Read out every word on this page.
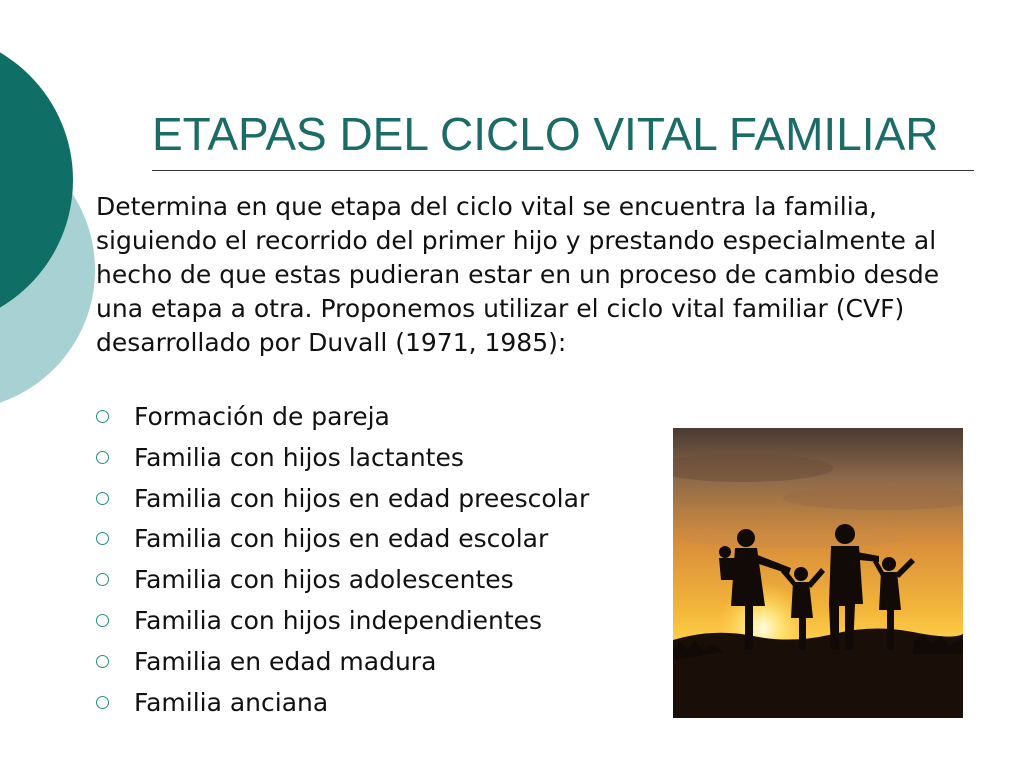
ETAPAS DEL CICLO VITAL FAMILIAR

Determina en que etapa del ciclo vital se encuentra la familia, siguiendo el recorrido del primer hijo y prestando especialmente al hecho de que estas pudieran estar en un proceso de cambio desde una etapa a otra. Proponemos utilizar el ciclo vital familiar (CVF) desarrollado por Duvall (1971, 1985):

Formación de pareja
Familia con hijos lactantes
Familia con hijos en edad preescolar
Familia con hijos en edad escolar
Familia con hijos adolescentes
Familia con hijos independientes
Familia en edad madura
Familia anciana
